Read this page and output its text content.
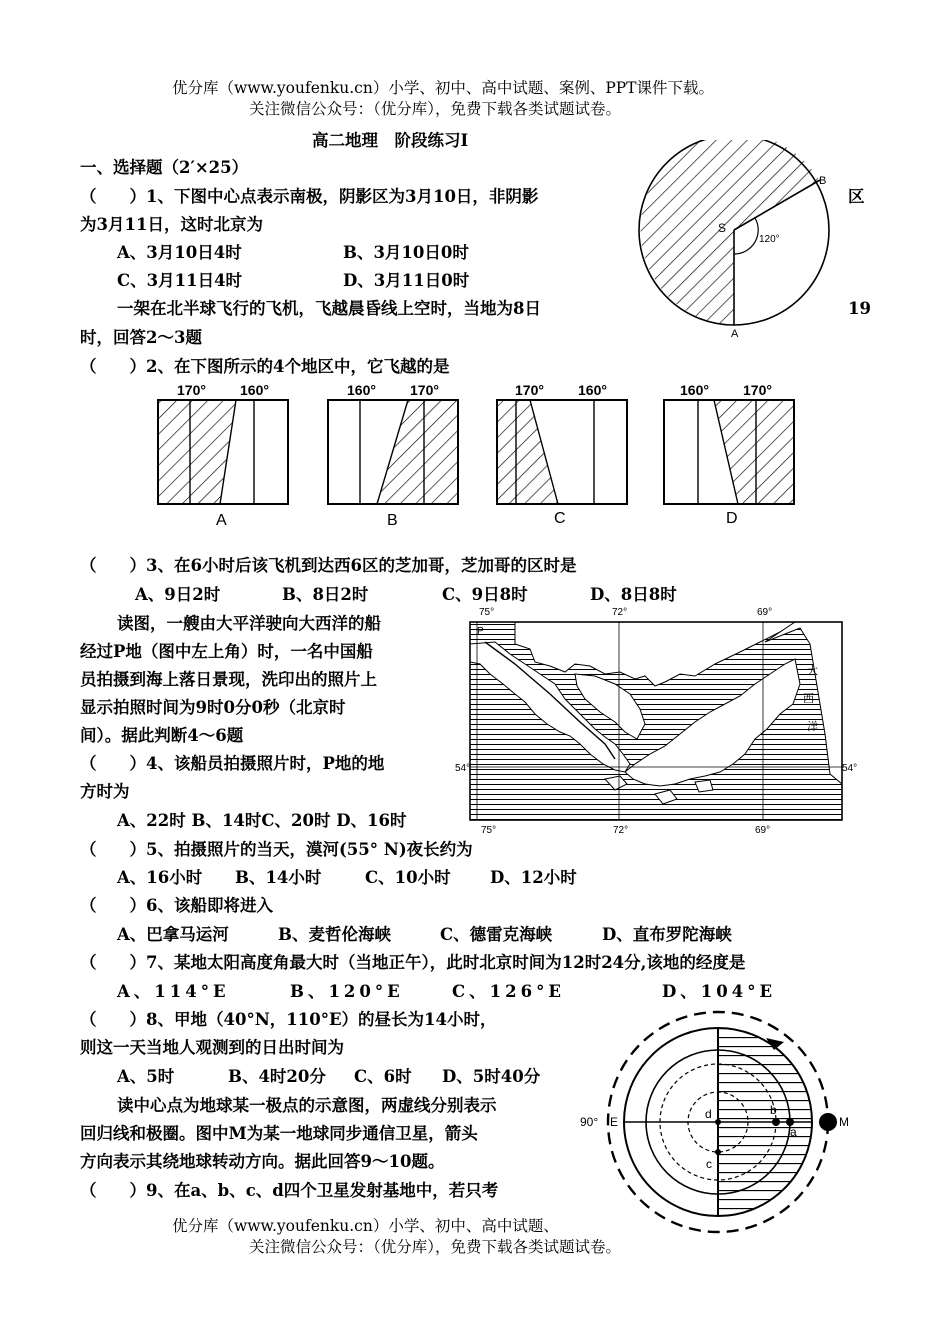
优分库（www.youfenku.cn）小学、初中、高中试题、案例、PPT课件下载。
关注微信公众号：（优分库），免费下载各类试题试卷。
高二地理　阶段练习Ⅰ
一、选择题（2′×25）
（　　）1、下图中心点表示南极，阴影区为3月10日，非阴影	区
为3月11日，这时北京为
A、3月10日4时	B、3月10日0时
C、3月11日4时	D、3月11日0时
S
B
A
120°
一架在北半球飞行的飞机，飞越晨昏线上空时，当地为8日	19
时，回答2～3题
（　　）2、在下图所示的4个地区中，它飞越的是
170° 160°
A
160° 170°
B
170° 160°
C
160° 170°
D
（　　）3、在6小时后该飞机到达西6区的芝加哥，芝加哥的区时是
A、9日2时	B、8日2时	C、9日8时	D、8日8时
读图，一艘由大平洋驶向大西洋的船
经过P地（图中左上角）时，一名中国船
员拍摄到海上落日景现，洗印出的照片上
显示拍照时间为9时0分0秒（北京时
间）。据此判断4～6题
（　　）4、该船员拍摄照片时，P地的地
方时为
A、22时 B、14时C、20时 D、16时
75°	72°	69°
75°	72°	69°
54°	54°
P
大
西
洋
（　　）5、拍摄照片的当天，漠河(55° N)夜长约为
A、16小时 B、14小时	C、10小时 D、12小时
（　　）6、该船即将进入
A、巴拿马运河	B、麦哲伦海峡	C、德雷克海峡	D、直布罗陀海峡
（　　）7、某地太阳高度角最大时（当地正午），此时北京时间为12时24分,该地的经度是
A、114°E	B、120°E	C、126°E	D、104°E
（　　）8、甲地（40°N，110°E）的昼长为14小时，
则这一天当地人观测到的日出时间为
A、5时	B、4时20分 C、6时 D、5时40分
读中心点为地球某一极点的示意图，两虚线分别表示
回归线和极圈。图中M为某一地球同步通信卫星，箭头
方向表示其绕地球转动方向。据此回答9～10题。
（　　）9、在a、b、c、d四个卫星发射基地中，若只考
90° E
d	b
a
c
M
优分库（www.youfenku.cn）小学、初中、高中试题、
关注微信公众号：（优分库），免费下载各类试题试卷。
